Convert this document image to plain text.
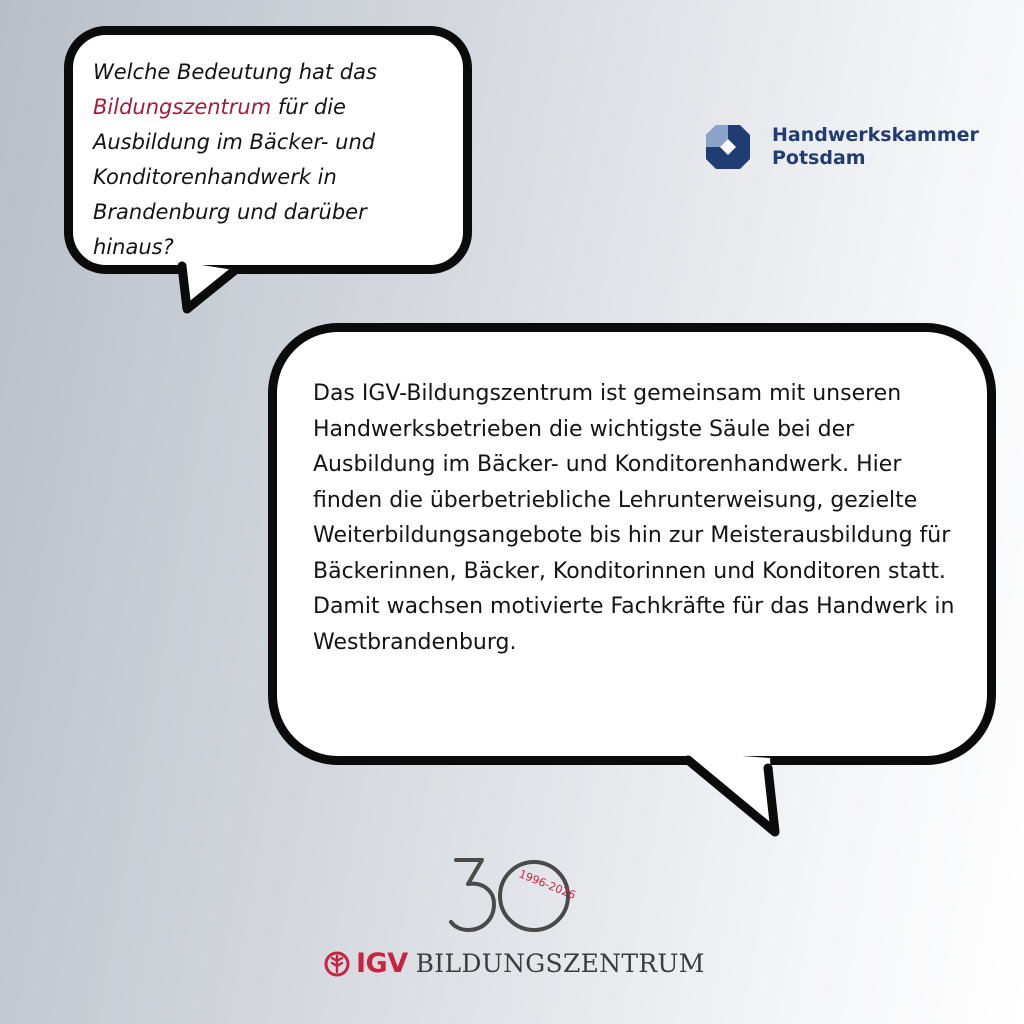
Welche Bedeutung hat das Bildungszentrum für die Ausbildung im Bäcker- und Konditorenhandwerk in Brandenburg und darüber hinaus?

Das IGV-Bildungszentrum ist gemeinsam mit unseren Handwerksbetrieben die wichtigste Säule bei der Ausbildung im Bäcker- und Konditorenhandwerk. Hier finden die überbetriebliche Lehrunterweisung, gezielte Weiterbildungsangebote bis hin zur Meisterausbildung für Bäckerinnen, Bäcker, Konditorinnen und Konditoren statt. Damit wachsen motivierte Fachkräfte für das Handwerk in Westbrandenburg.

Handwerkskammer
Potsdam
1996-2026
IGV BILDUNGSZENTRUM
